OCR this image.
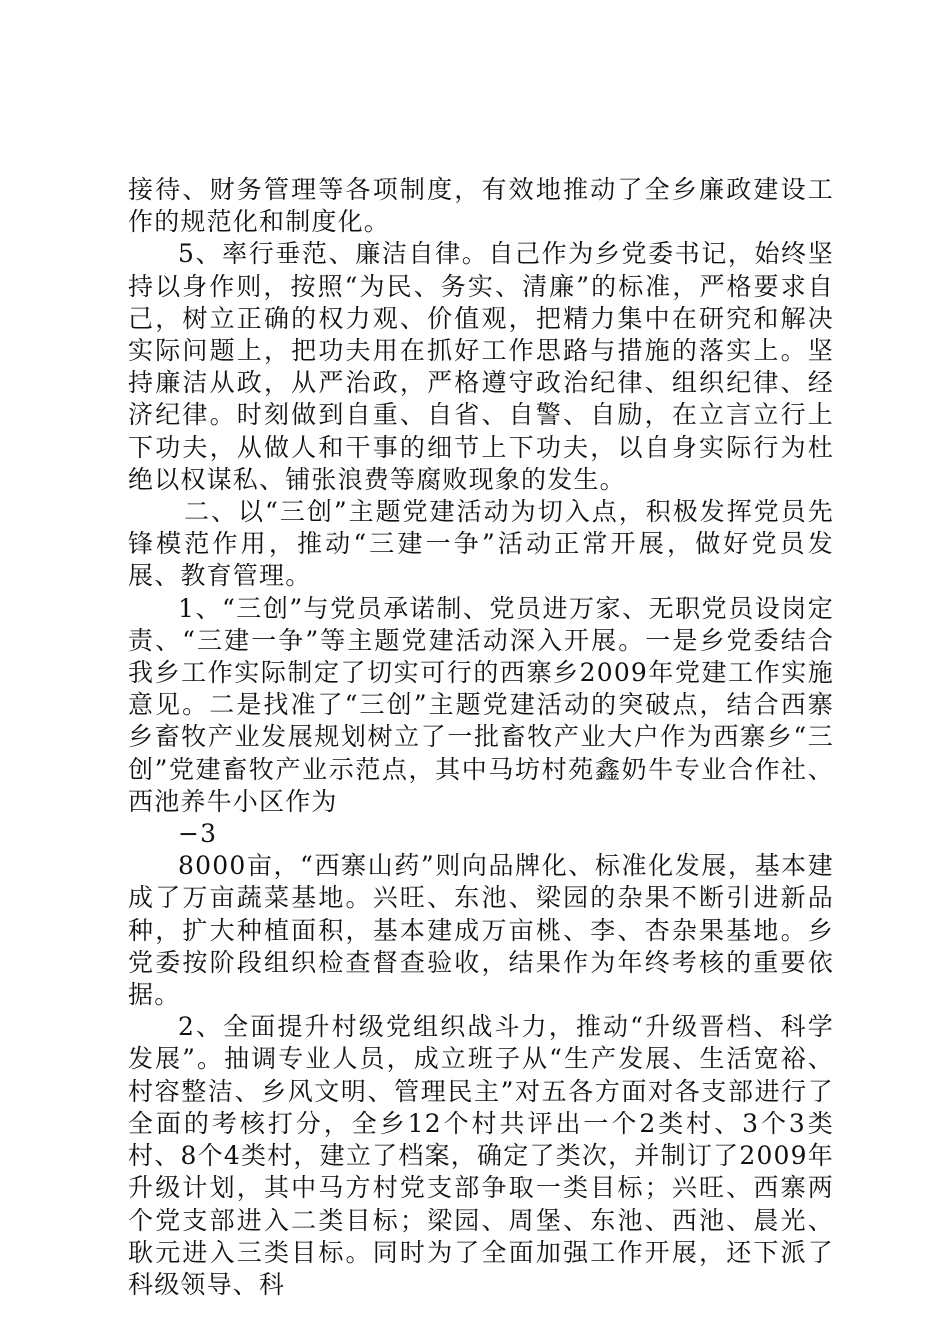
接待、财务管理等各项制度，有效地推动了全乡廉政建设工作的规范化和制度化。

5、率行垂范、廉洁自律。自己作为乡党委书记，始终坚持以身作则，按照“为民、务实、清廉”的标准，严格要求自己，树立正确的权力观、价值观，把精力集中在研究和解决实际问题上，把功夫用在抓好工作思路与措施的落实上。坚持廉洁从政，从严治政，严格遵守政治纪律、组织纪律、经济纪律。时刻做到自重、自省、自警、自励，在立言立行上下功夫，从做人和干事的细节上下功夫，以自身实际行为杜绝以权谋私、铺张浪费等腐败现象的发生。

二、以“三创”主题党建活动为切入点，积极发挥党员先锋模范作用，推动“三建一争”活动正常开展，做好党员发展、教育管理。

1、“三创”与党员承诺制、党员进万家、无职党员设岗定责、“三建一争”等主题党建活动深入开展。一是乡党委结合我乡工作实际制定了切实可行的西寨乡2009年党建工作实施意见。二是找准了“三创”主题党建活动的突破点，结合西寨乡畜牧产业发展规划树立了一批畜牧产业大户作为西寨乡“三创”党建畜牧产业示范点，其中马坊村苑鑫奶牛专业合作社、西池养牛小区作为

−3

8000亩，“西寨山药”则向品牌化、标准化发展，基本建成了万亩蔬菜基地。兴旺、东池、梁园的杂果不断引进新品种，扩大种植面积，基本建成万亩桃、李、杏杂果基地。乡党委按阶段组织检查督查验收，结果作为年终考核的重要依据。

2、全面提升村级党组织战斗力，推动“升级晋档、科学发展”。抽调专业人员，成立班子从“生产发展、生活宽裕、村容整洁、乡风文明、管理民主”对五各方面对各支部进行了全面的考核打分，全乡12个村共评出一个2类村、3个3类村、8个4类村，建立了档案，确定了类次，并制订了2009年升级计划，其中马方村党支部争取一类目标；兴旺、西寨两个党支部进入二类目标；梁园、周堡、东池、西池、晨光、耿元进入三类目标。同时为了全面加强工作开展，还下派了科级领导、科
